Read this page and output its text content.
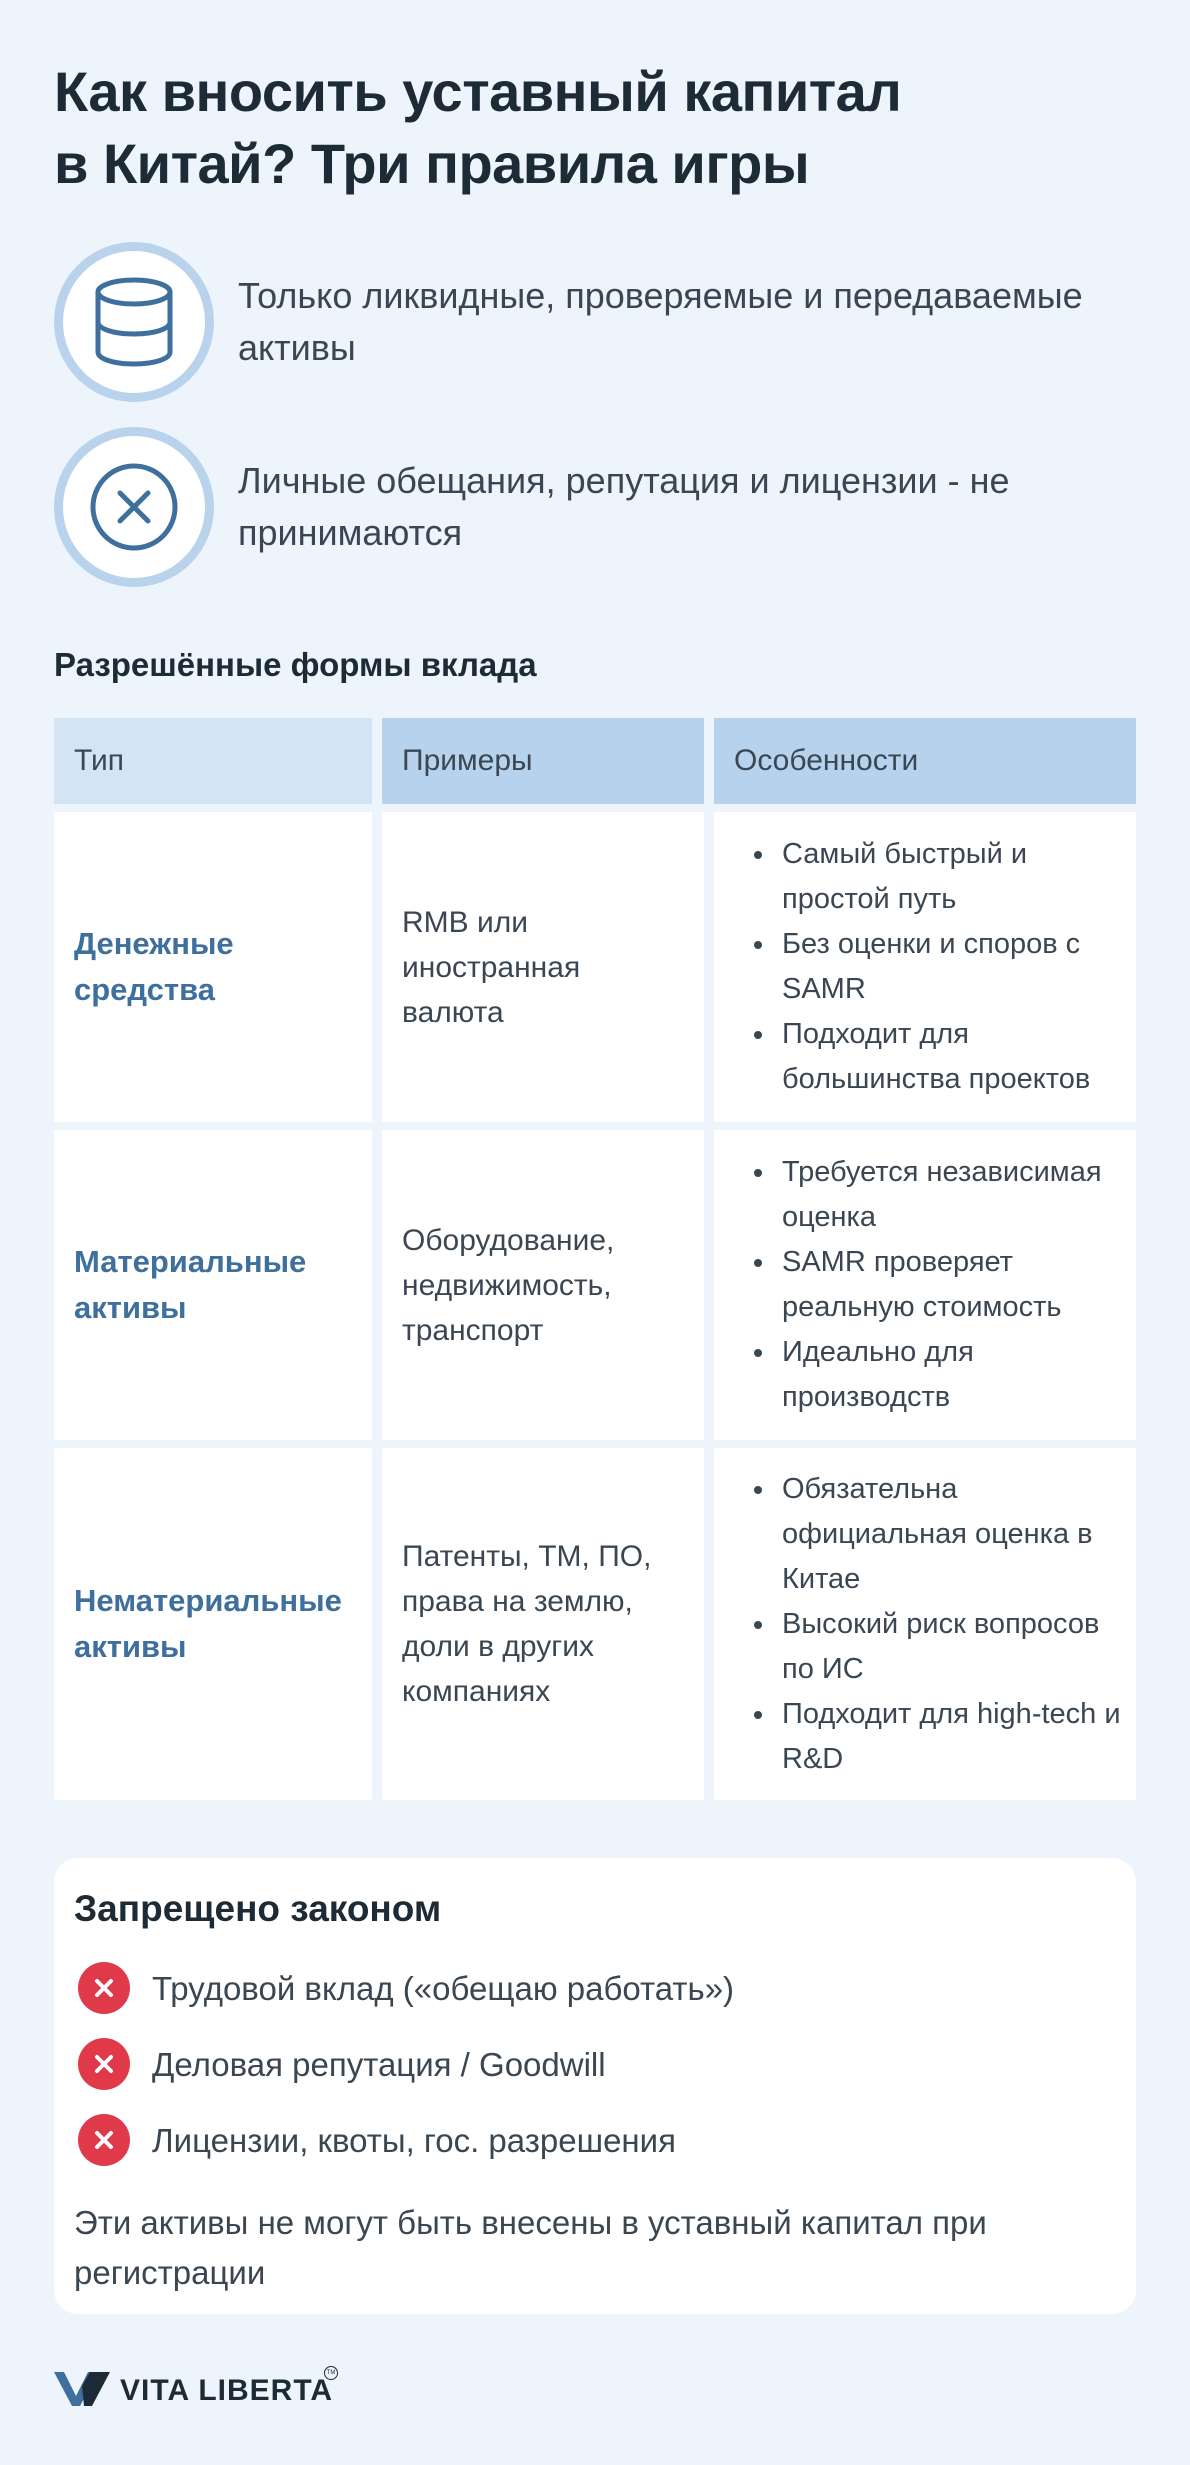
Как вносить уставный капитал
в Китай? Три правила игры
Только ликвидные, проверяемые и передаваемые активы
Личные обещания, репутация и лицензии - не принимаются
Разрешённые формы вклада
Тип	Примеры	Особенности
Денежные средства
RMB или иностранная валюта
Самый быстрый и простой путь
Без оценки и споров с SAMR
Подходит для большинства проектов
Материальные активы
Оборудование, недвижимость, транспорт
Требуется независимая оценка
SAMR проверяет реальную стоимость
Идеально для производств
Нематериальные активы
Патенты, ТМ, ПО, права на землю, доли в других компаниях
Обязательна официальная оценка в Китае
Высокий риск вопросов по ИС
Подходит для high-tech и R&D
Запрещено законом
Трудовой вклад («обещаю работать»)
Деловая репутация / Goodwill
Лицензии, квоты, гос. разрешения
Эти активы не могут быть внесены в уставный капитал при регистрации
VITA LIBERTA
TM
